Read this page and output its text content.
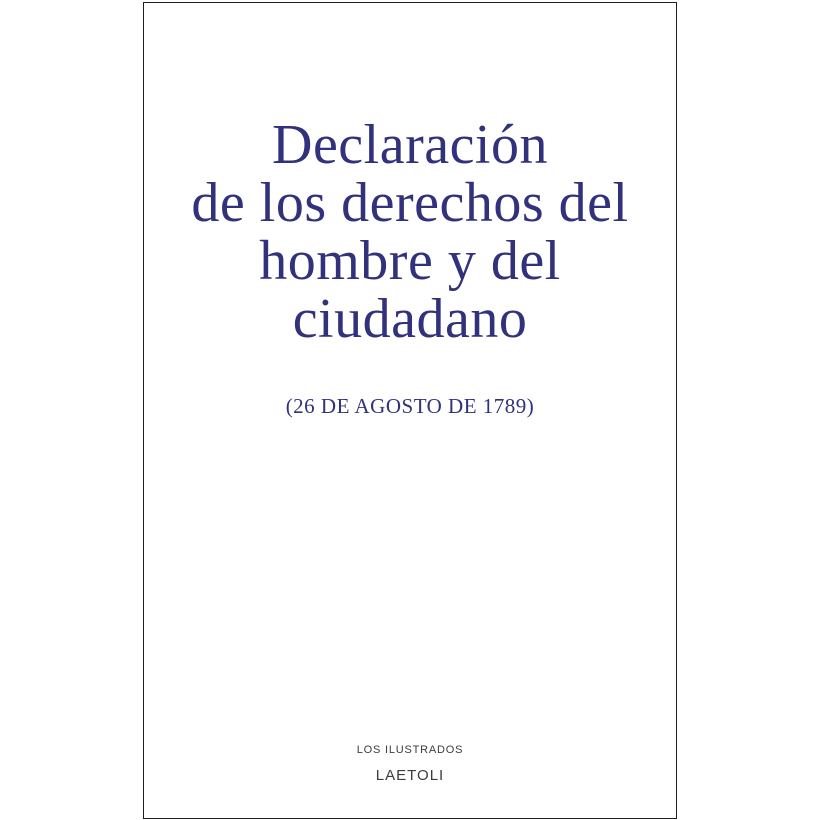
Declaración
de los derechos del
hombre y del
ciudadano
(26 DE AGOSTO DE 1789)
LOS ILUSTRADOS
LAETOLI
